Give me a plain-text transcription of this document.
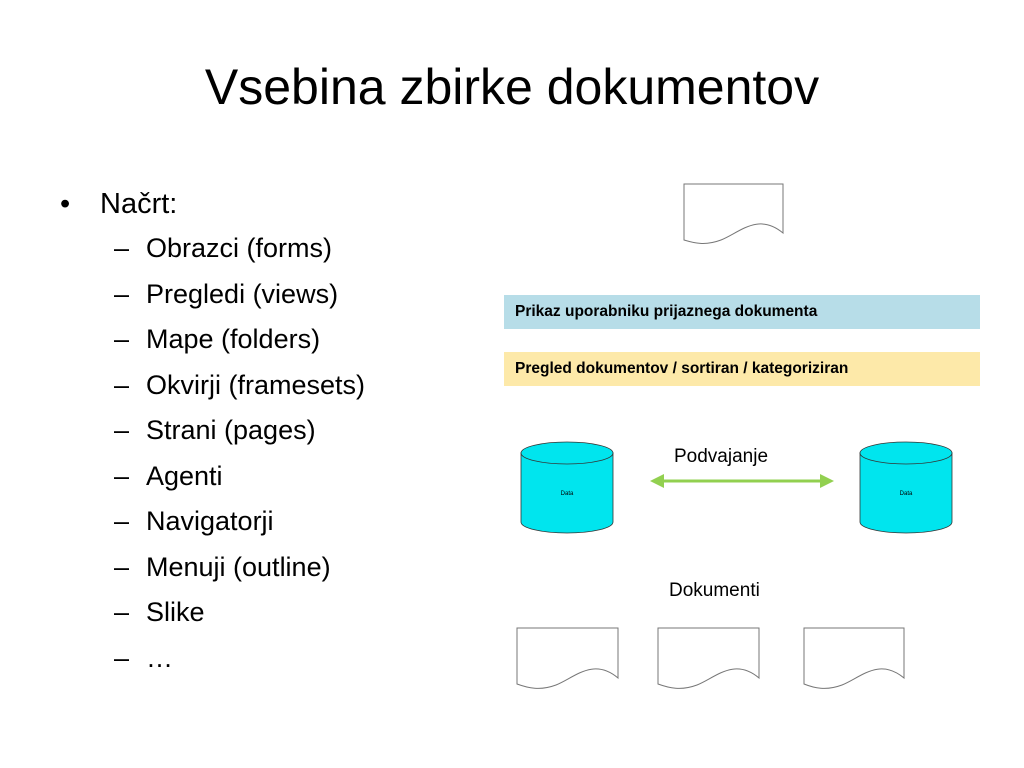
Vsebina zbirke dokumentov
• Načrt:
– Obrazci (forms)
– Pregledi (views)
– Mape (folders)
– Okvirji (framesets)
– Strani (pages)
– Agenti
– Navigatorji
– Menuji (outline)
– Slike
– …
Data	Data
Prikaz uporabniku prijaznega dokumenta
Pregled dokumentov / sortiran / kategoriziran
Podvajanje
Dokumenti
